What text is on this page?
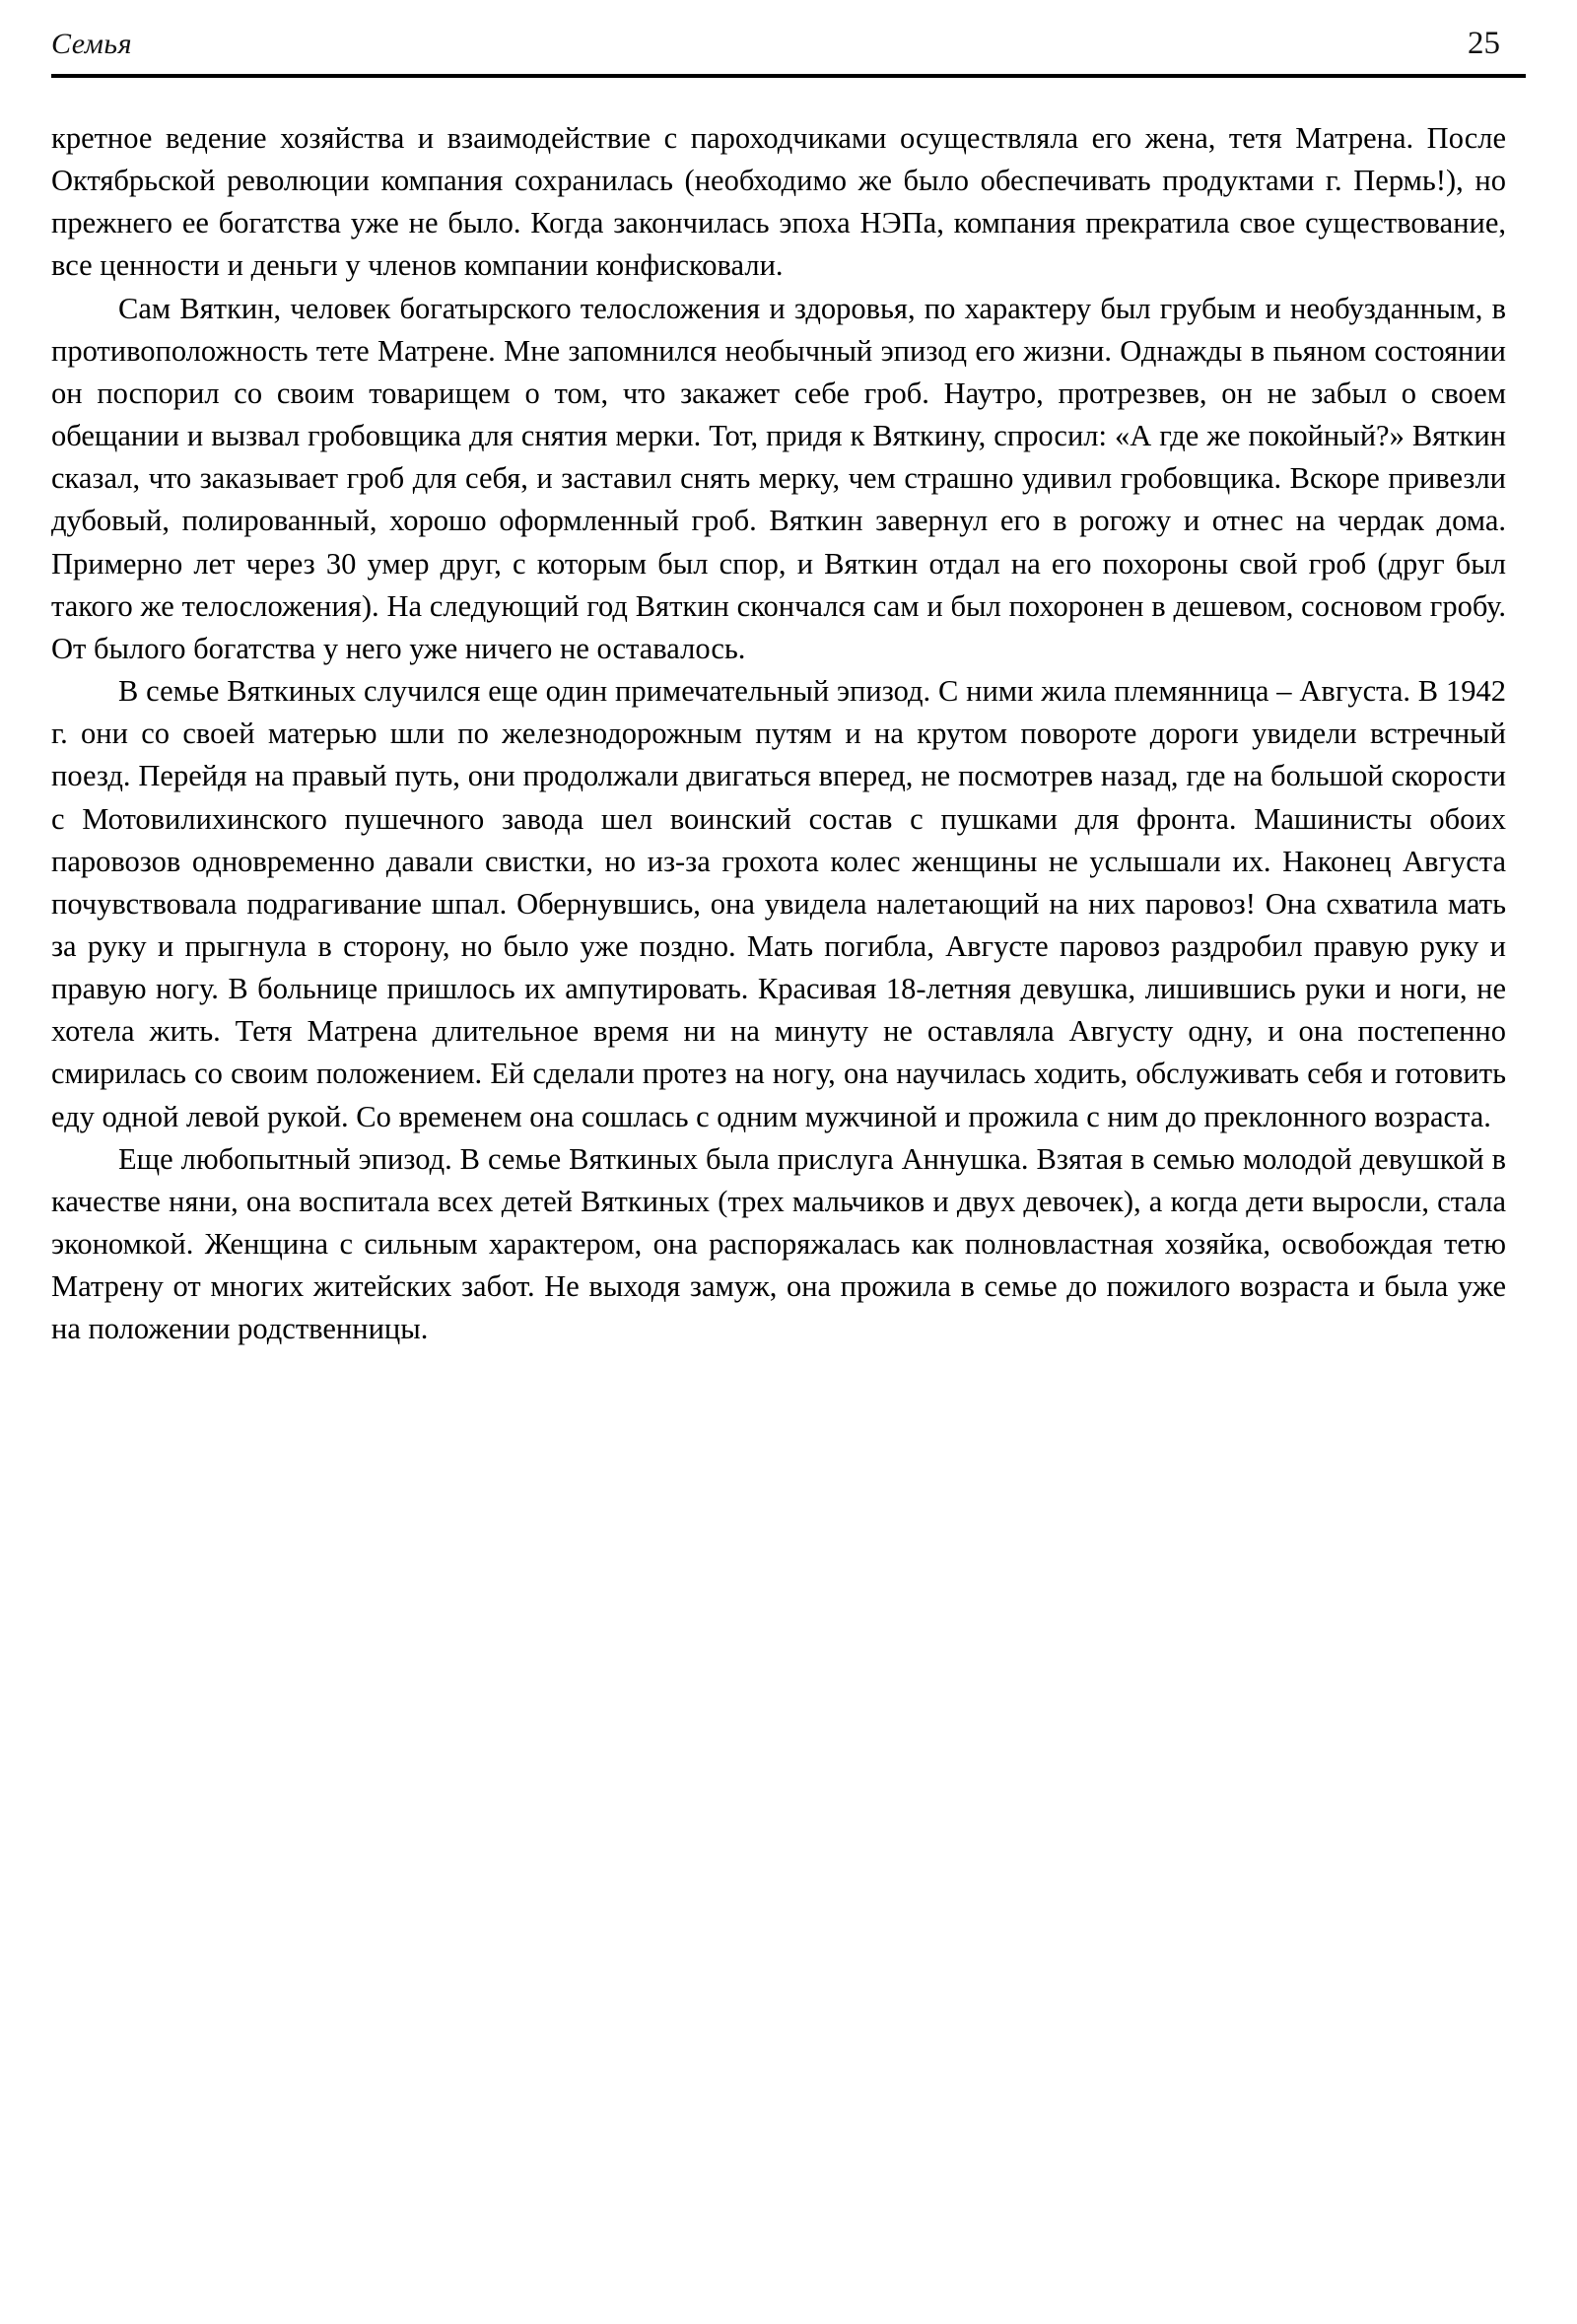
Семья	25

кретное ведение хозяйства и взаимодействие с пароходчиками осуществляла его жена, тетя Матрена. После Октябрьской революции компания сохранилась (необходимо же было обеспечивать продуктами г. Пермь!), но прежнего ее богатства уже не было. Когда закончилась эпоха НЭПа, компания прекратила свое существование, все ценности и деньги у членов компании конфисковали.

Сам Вяткин, человек богатырского телосложения и здоровья, по характеру был грубым и необузданным, в противоположность тете Матрене. Мне запомнился необычный эпизод его жизни. Однажды в пьяном состоянии он поспорил со своим товарищем о том, что закажет себе гроб. Наутро, протрезвев, он не забыл о своем обещании и вызвал гробовщика для снятия мерки. Тот, придя к Вяткину, спросил: «А где же покойный?» Вяткин сказал, что заказывает гроб для себя, и заставил снять мерку, чем страшно удивил гробовщика. Вскоре привезли дубовый, полированный, хорошо оформленный гроб. Вяткин завернул его в рогожу и отнес на чердак дома. Примерно лет через 30 умер друг, с которым был спор, и Вяткин отдал на его похороны свой гроб (друг был такого же телосложения). На следующий год Вяткин скончался сам и был похоронен в дешевом, сосновом гробу. От былого богатства у него уже ничего не оставалось.

В семье Вяткиных случился еще один примечательный эпизод. С ними жила племянница – Августа. В 1942 г. они со своей матерью шли по железнодорожным путям и на крутом повороте дороги увидели встречный поезд. Перейдя на правый путь, они продолжали двигаться вперед, не посмотрев назад, где на большой скорости с Мотовилихинского пушечного завода шел воинский состав с пушками для фронта. Машинисты обоих паровозов одновременно давали свистки, но из-за грохота колес женщины не услышали их. Наконец Августа почувствовала подрагивание шпал. Обернувшись, она увидела налетающий на них паровоз! Она схватила мать за руку и прыгнула в сторону, но было уже поздно. Мать погибла, Августе паровоз раздробил правую руку и правую ногу. В больнице пришлось их ампутировать. Красивая 18-летняя девушка, лишившись руки и ноги, не хотела жить. Тетя Матрена длительное время ни на минуту не оставляла Августу одну, и она постепенно смирилась со своим положением. Ей сделали протез на ногу, она научилась ходить, обслуживать себя и готовить еду одной левой рукой. Со временем она сошлась с одним мужчиной и прожила с ним до преклонного возраста.

Еще любопытный эпизод. В семье Вяткиных была прислуга Аннушка. Взятая в семью молодой девушкой в качестве няни, она воспитала всех детей Вяткиных (трех мальчиков и двух девочек), а когда дети выросли, стала экономкой. Женщина с сильным характером, она распоряжалась как полновластная хозяйка, освобождая тетю Матрену от многих житейских забот. Не выходя замуж, она прожила в семье до пожилого возраста и была уже на положении родственницы.
